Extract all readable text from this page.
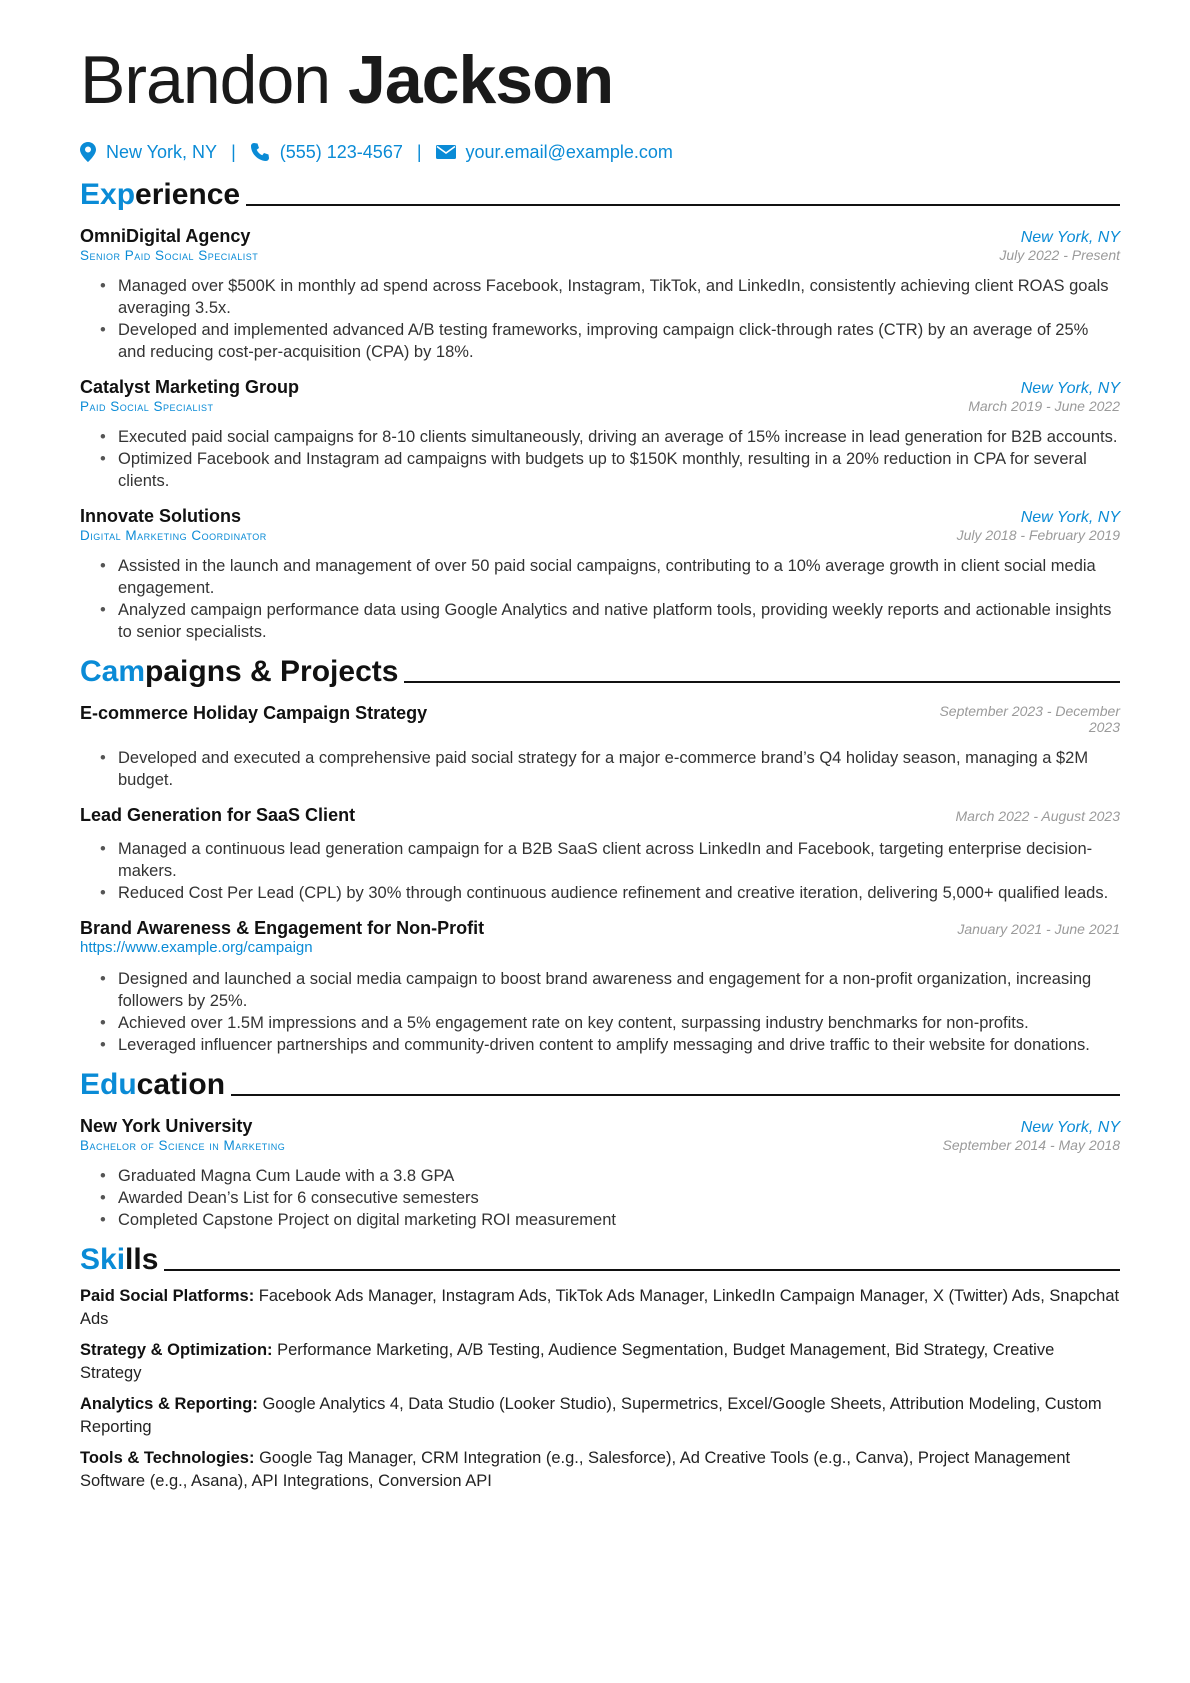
Brandon Jackson
New York, NY | (555) 123-4567 | your.email@example.com
Experience
OmniDigital Agency	New York, NY
Senior Paid Social Specialist	July 2022 - Present
• Managed over $500K in monthly ad spend across Facebook, Instagram, TikTok, and LinkedIn, consistently achieving client ROAS goals averaging 3.5x.
• Developed and implemented advanced A/B testing frameworks, improving campaign click-through rates (CTR) by an average of 25% and reducing cost-per-acquisition (CPA) by 18%.
Catalyst Marketing Group	New York, NY
Paid Social Specialist	March 2019 - June 2022
• Executed paid social campaigns for 8-10 clients simultaneously, driving an average of 15% increase in lead generation for B2B accounts.
• Optimized Facebook and Instagram ad campaigns with budgets up to $150K monthly, resulting in a 20% reduction in CPA for several clients.
Innovate Solutions	New York, NY
Digital Marketing Coordinator	July 2018 - February 2019
• Assisted in the launch and management of over 50 paid social campaigns, contributing to a 10% average growth in client social media engagement.
• Analyzed campaign performance data using Google Analytics and native platform tools, providing weekly reports and actionable insights to senior specialists.
Campaigns & Projects
E-commerce Holiday Campaign Strategy	September 2023 - December
2023
• Developed and executed a comprehensive paid social strategy for a major e-commerce brand’s Q4 holiday season, managing a $2M budget.
Lead Generation for SaaS Client	March 2022 - August 2023
• Managed a continuous lead generation campaign for a B2B SaaS client across LinkedIn and Facebook, targeting enterprise decision-makers.
• Reduced Cost Per Lead (CPL) by 30% through continuous audience refinement and creative iteration, delivering 5,000+ qualified leads.
Brand Awareness & Engagement for Non-Profit	January 2021 - June 2021
https://www.example.org/campaign
• Designed and launched a social media campaign to boost brand awareness and engagement for a non-profit organization, increasing followers by 25%.
• Achieved over 1.5M impressions and a 5% engagement rate on key content, surpassing industry benchmarks for non-profits.
• Leveraged influencer partnerships and community-driven content to amplify messaging and drive traffic to their website for donations.
Education
New York University	New York, NY
Bachelor of Science in Marketing	September 2014 - May 2018
• Graduated Magna Cum Laude with a 3.8 GPA
• Awarded Dean’s List for 6 consecutive semesters
• Completed Capstone Project on digital marketing ROI measurement
Skills
Paid Social Platforms: Facebook Ads Manager, Instagram Ads, TikTok Ads Manager, LinkedIn Campaign Manager, X (Twitter) Ads, Snapchat Ads
Strategy & Optimization: Performance Marketing, A/B Testing, Audience Segmentation, Budget Management, Bid Strategy, Creative Strategy
Analytics & Reporting: Google Analytics 4, Data Studio (Looker Studio), Supermetrics, Excel/Google Sheets, Attribution Modeling, Custom Reporting
Tools & Technologies: Google Tag Manager, CRM Integration (e.g., Salesforce), Ad Creative Tools (e.g., Canva), Project Management Software (e.g., Asana), API Integrations, Conversion API
